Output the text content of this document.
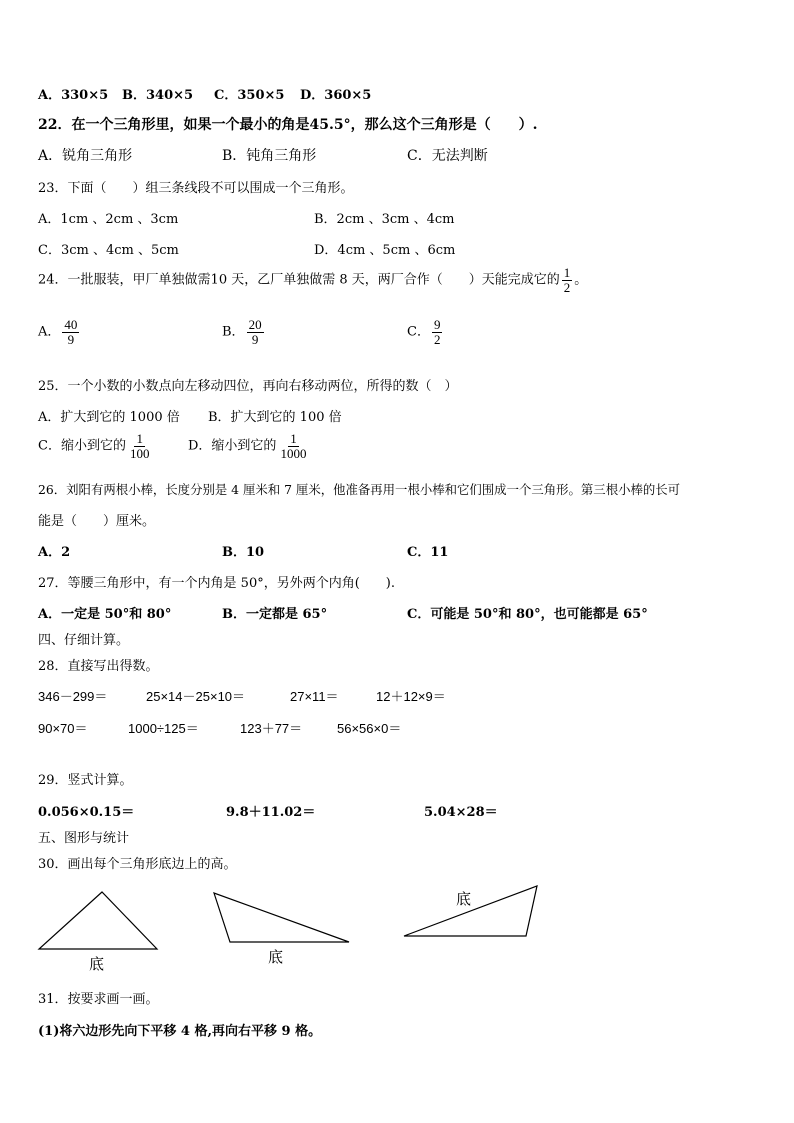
A．330×5 B．340×5 C．350×5 D．360×5
22．在一个三角形里，如果一个最小的角是45.5°，那么这个三角形是（　　）.
A．锐角三角形	B．钝角三角形	C．无法判断
23．下面（　　）组三条线段不可以围成一个三角形。
A．1cm 、2cm 、3cm	B．2cm 、3cm 、4cm
C．3cm 、4cm 、5cm	D．4cm 、5cm 、6cm
24．一批服装，甲厂单独做需10 天，乙厂单独做需 8 天，两厂合作（　　）天能完成它的 $\frac{1}{2}$ 。
A． $\frac{40}{9}$	B． $\frac{20}{9}$	C． $\frac{9}{2}$
25．一个小数的小数点向左移动四位，再向右移动两位，所得的数（　）
A．扩大到它的 1000 倍 B．扩大到它的 100 倍
C．缩小到它的 $\frac{1}{100}$	D．缩小到它的 $\frac{1}{1000}$
26．刘阳有两根小棒，长度分别是 4 厘米和 7 厘米，他准备再用一根小棒和它们围成一个三角形。第三根小棒的长可
能是（　　）厘米。
A．2	B．10	C．11
27．等腰三角形中，有一个内角是 50°，另外两个内角(　　).
A．一定是 50°和 80°	B．一定都是 65°	C．可能是 50°和 80°，也可能都是 65°
四、仔细计算。
28．直接写出得数。
346－299＝	25×14－25×10＝	27×11＝	12＋12×9＝
90×70＝	1000÷125＝	123＋77＝	56×56×0＝
29．竖式计算。
0.056×0.15＝	9.8＋11.02＝	5.04×28＝
五、图形与统计
30．画出每个三角形底边上的高。
底	底
底
31．按要求画一画。
(1)将六边形先向下平移 4 格,再向右平移 9 格。
